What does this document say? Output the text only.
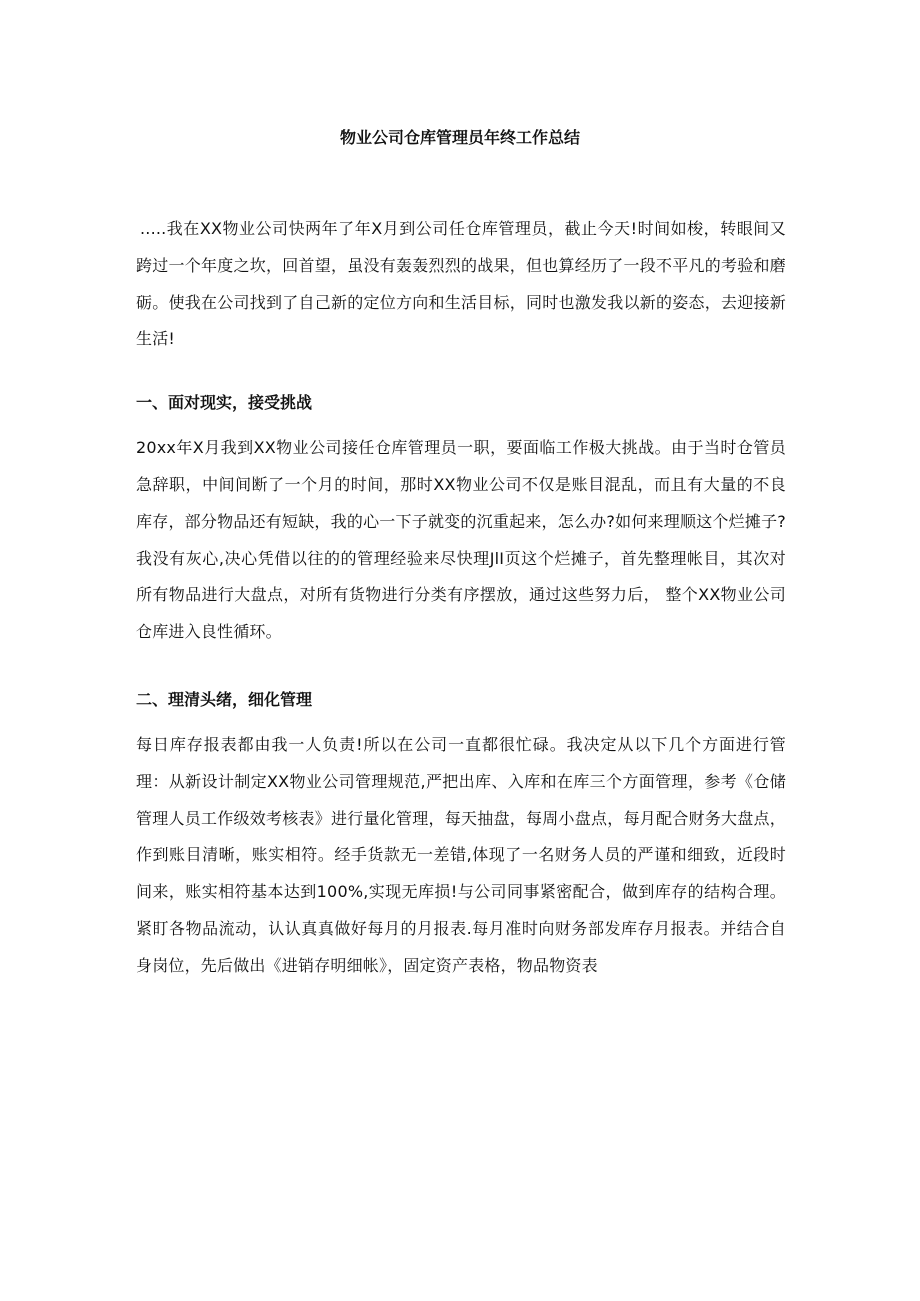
物业公司仓库管理员年终工作总结

.....我在XX物业公司快两年了年X月到公司任仓库管理员，截止今天!时间如梭，转眼间又跨过一个年度之坎，回首望，虽没有轰轰烈烈的战果，但也算经历了一段不平凡的考验和磨砺。使我在公司找到了自己新的定位方向和生活目标，同时也激发我以新的姿态，去迎接新生活!

一、面对现实，接受挑战

20xx年X月我到XX物业公司接任仓库管理员一职，要面临工作极大挑战。由于当时仓管员急辞职，中间间断了一个月的时间，那时XX物业公司不仅是账目混乱，而且有大量的不良库存，部分物品还有短缺，我的心一下子就变的沉重起来，怎么办?如何来理顺这个烂摊子?我没有灰心,决心凭借以往的的管理经验来尽快理JlI页这个烂摊子，首先整理帐目，其次对所有物品进行大盘点，对所有货物进行分类有序摆放，通过这些努力后， 整个XX物业公司仓库进入良性循环。

二、理清头绪，细化管理

每日库存报表都由我一人负责!所以在公司一直都很忙碌。我决定从以下几个方面进行管理：从新设计制定XX物业公司管理规范,严把出库、入库和在库三个方面管理，参考《仓储管理人员工作级效考核表》进行量化管理，每天抽盘，每周小盘点，每月配合财务大盘点，作到账目清晰，账实相符。经手货款无一差错,体现了一名财务人员的严谨和细致，近段时间来，账实相符基本达到100%,实现无库损!与公司同事紧密配合，做到库存的结构合理。紧盯各物品流动，认认真真做好每月的月报表.每月准时向财务部发库存月报表。并结合自身岗位，先后做出《进销存明细帐》，固定资产表格，物品物资表
